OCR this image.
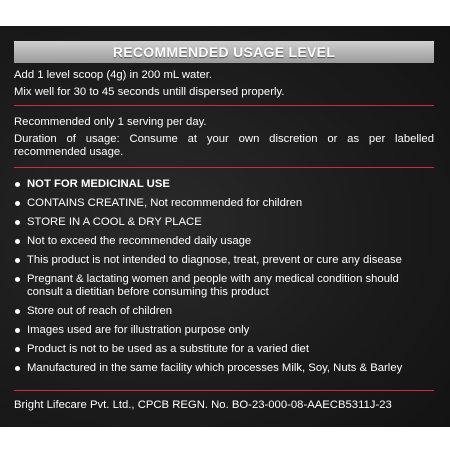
RECOMMENDED USAGE LEVEL
Add 1 level scoop (4g) in 200 mL water.
Mix well for 30 to 45 seconds untill dispersed properly.
Recommended only 1 serving per day.
Duration of usage: Consume at your own discretion or as per labelled recommended usage.
NOT FOR MEDICINAL USE
CONTAINS CREATINE, Not recommended for children
STORE IN A COOL & DRY PLACE
Not to exceed the recommended daily usage
This product is not intended to diagnose, treat, prevent or cure any disease
Pregnant & lactating women and people with any medical condition should consult a dietitian before consuming this product
Store out of reach of children
Images used are for illustration purpose only
Product is not to be used as a substitute for a varied diet
Manufactured in the same facility which processes Milk, Soy, Nuts & Barley
Bright Lifecare Pvt. Ltd., CPCB REGN. No. BO-23-000-08-AAECB5311J-23
